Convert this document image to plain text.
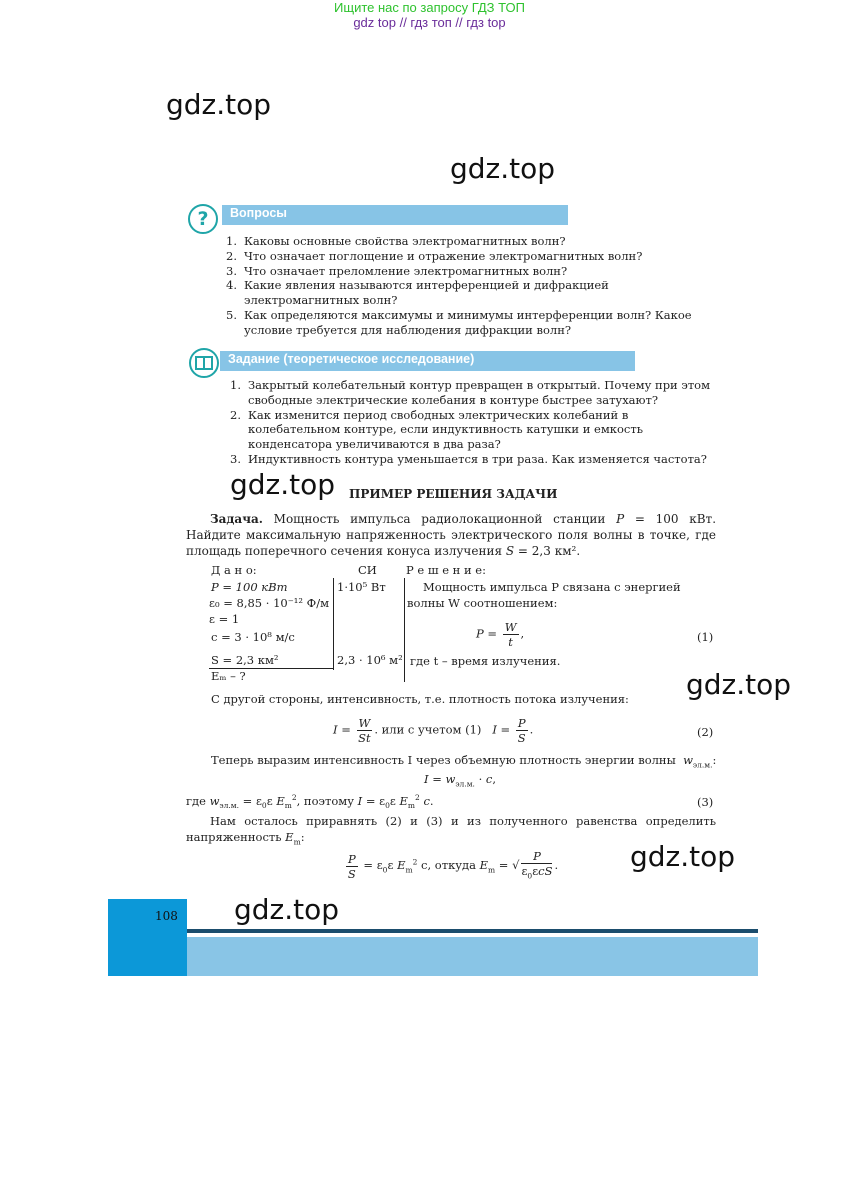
Ищите нас по запросу ГДЗ ТОП
gdz.top
gdz.top
gdz.top
gdz.top
gdz.top
gdz.top
?	Вопросы
1. Каковы основные свойства электромагнитных волн?
2. Что означает поглощение и отражение электромагнитных волн?
3. Что означает преломление электромагнитных волн?
4. Какие явления называются интерференцией и дифракцией электромагнитных волн?
5. Как определяются максимумы и минимумы интерференции волн? Какое условие требуется для наблюдения дифракции волн?
Задание (теоретическое исследование)
1. Закрытый колебательный контур превращен в открытый. Почему при этом свободные электрические колебания в контуре быстрее затухают?
2. Как изменится период свободных электрических колебаний в колебательном контуре, если индуктивность катушки и емкость конденсатора увеличиваются в два раза?
3. Индуктивность контура уменьшается в три раза. Как изменяется частота?
ПРИМЕР РЕШЕНИЯ ЗАДАЧИ
Задача. Мощность импульса радиолокационной станции P = 100 кВт. Найдите максимальную напряженность электрического поля волны в точке, где площадь поперечного сечения конуса излучения S = 2,3 км².
Д а н о:	СИ	Р е ш е н и е:
P = 100 кВт	1·10⁵ Вт
ε₀ = 8,85 · 10⁻¹² Ф/м
ε = 1
c = 3 · 10⁸ м/с
S = 2,3 км²	2,3 · 10⁶ м²
Eₘ – ?
Мощность импульса P связана с энергией
волны W соотношением:
$P = \frac{W}{t}$ ,	(1)
где t – время излучения.
С другой стороны, интенсивность, т.е. плотность потока излучения:
$I = \frac{W}{St}$ . или с учетом (1) $I = \frac{P}{S}$ .	(2)
Теперь выразим интенсивность I через объемную плотность энергии волны $w_{эл.м.}$:
$I = w_{эл.м.} \cdot c$,
где $w_{эл.м.} = \varepsilon_0\varepsilon$ $E_m^2$, поэтому $I = \varepsilon_0\varepsilon$ $E_m^2$ c.	(3)
Нам осталось приравнять (2) и (3) и из полученного равенства определить напряженность $E_m$:
$\frac{P}{S} = \varepsilon_0\varepsilon$ $E_m^2$ c, откуда $E_m$ = √ $\frac{P}{\varepsilon_0\varepsilon cS}$ .
108
gdz top // гдз топ // гдз top
